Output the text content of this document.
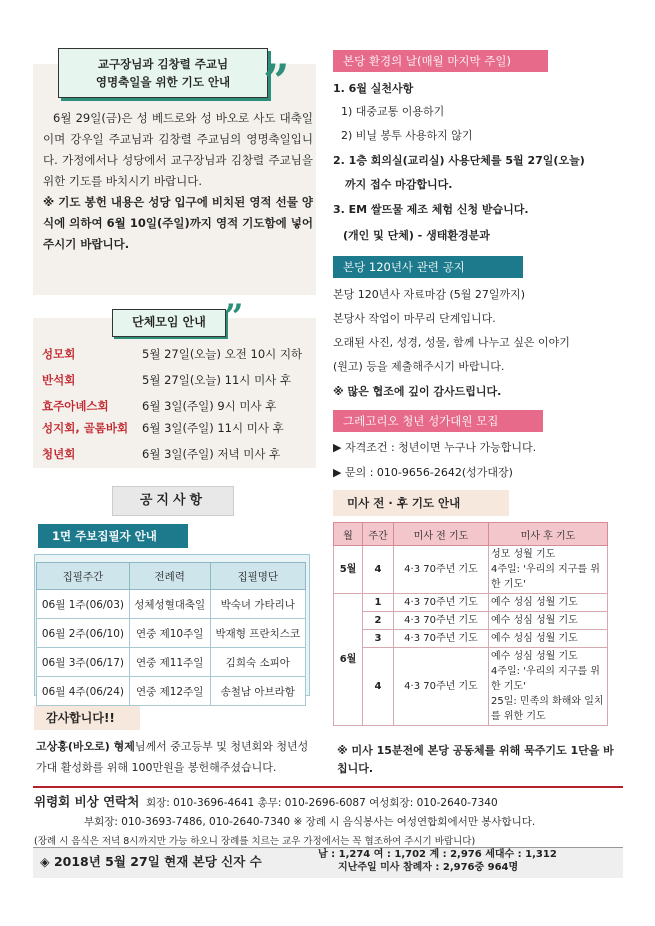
교구장님과 김창렬 주교님
영명축일을 위한 기도 안내 ”
6월 29일(금)은 성 베드로와 성 바오로 사도 대축일이며 강우일 주교님과 김창렬 주교님의 영명축일입니다. 가정에서나 성당에서 교구장님과 김창렬 주교님을 위한 기도를 바치시기 바랍니다.
※ 기도 봉헌 내용은 성당 입구에 비치된 영적 선물 양식에 의하여 6월 10일(주일)까지 영적 기도함에 넣어 주시기 바랍니다.
단체모임 안내 ”
성모회	5월 27일(오늘) 오전 10시 지하
반석회	5월 27일(오늘) 11시 미사 후
효주아녜스회	6월 3일(주일) 9시 미사 후
성지회, 골롬바회 6월 3일(주일) 11시 미사 후
청년회	6월 3일(주일) 저녁 미사 후
공지사항
1면 주보집필자 안내
집필주간	전례력	집필명단
06월 1주(06/03)	성체성혈대축일	박숙녀 가타리나
06월 2주(06/10)	연중 제10주일	박재형 프란치스코
06월 3주(06/17)	연중 제11주일	김희숙 소피아
06월 4주(06/24)	연중 제12주일	송철남 아브라함
감사합니다!!
고상홍(바오로) 형제님께서 중고등부 및 청년회와 청년성가대 활성화를 위해 100만원을 봉헌해주셨습니다.
본당 환경의 날(매월 마지막 주일)
1. 6월 실천사항
1) 대중교통 이용하기
2) 비닐 봉투 사용하지 않기
2. 1층 회의실(교리실) 사용단체를 5월 27일(오늘)
까지 접수 마감합니다.
3. EM 쌀뜨물 제조 체험 신청 받습니다.
(개인 및 단체) - 생태환경분과
본당 120년사 관련 공지
본당 120년사 자료마감 (5월 27일까지)
본당사 작업이 마무리 단계입니다.
오래된 사진, 성경, 성물, 함께 나누고 싶은 이야기
(원고) 등을 제출해주시기 바랍니다.
※ 많은 협조에 깊이 감사드립니다.
그레고리오 청년 성가대원 모집
▶ 자격조건 : 청년이면 누구나 가능합니다.
▶ 문의 : 010-9656-2642(성가대장)
미사 전 · 후 기도 안내
월	주간	미사 전 기도	미사 후 기도
5월	4	4·3 70주년 기도	성모 성월 기도
4주일: '우리의 지구를 위한 기도'

6월	1	4·3 70주년 기도	예수 성심 성월 기도
	2	4·3 70주년 기도	예수 성심 성월 기도
	3	4·3 70주년 기도	예수 성심 성월 기도
	4	4·3 70주년 기도	예수 성심 성월 기도
4주일: '우리의 지구를 위한 기도'
25일: 민족의 화해와 일치를 위한 기도
※ 미사 15분전에 본당 공동체를 위해 묵주기도 1단을 바칩니다.
위령회 비상 연락처 회장: 010-3696-4641 총무: 010-2696-6087 여성회장: 010-2640-7340
부회장: 010-3693-7486, 010-2640-7340 ※ 장례 시 음식봉사는 여성연합회에서만 봉사합니다.
(장례 시 음식은 저녁 8시까지만 가능 하오니 장례를 치르는 교우 가정에서는 꼭 협조하여 주시기 바랍니다)
◈ 2018년 5월 27일 현재 본당 신자 수	남 : 1,274 여 : 1,702 계 : 2,976 세대수 : 1,312
지난주일 미사 참례자 : 2,976중 964명
